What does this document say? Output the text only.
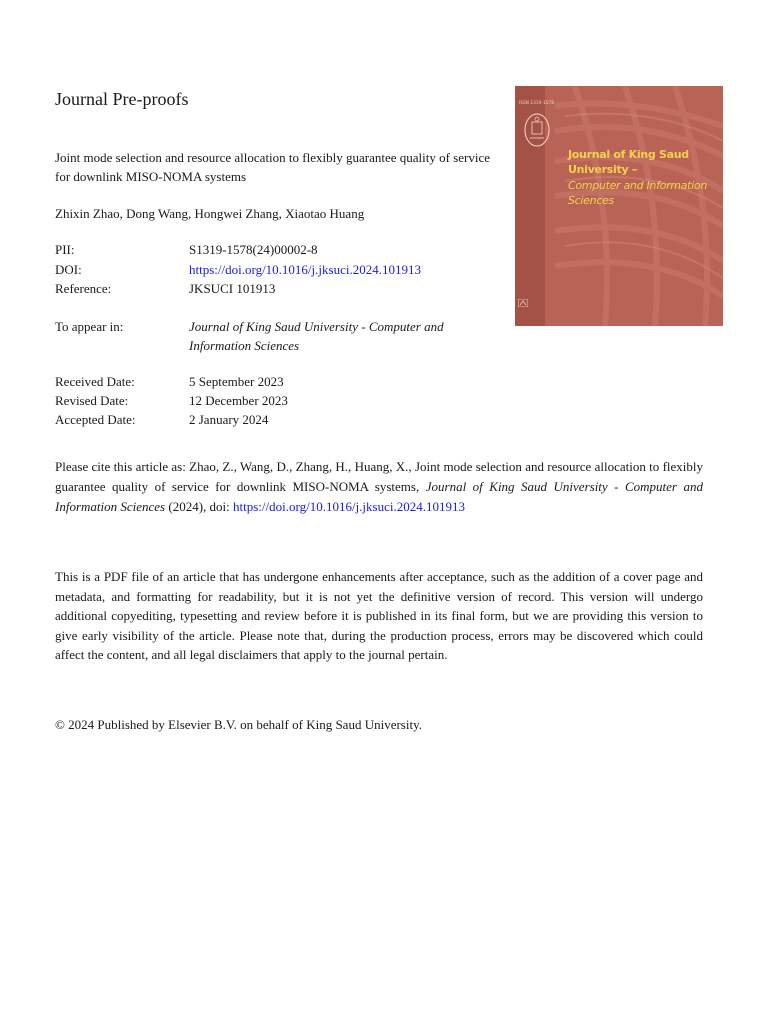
Journal Pre-proofs
Joint mode selection and resource allocation to flexibly guarantee quality of service for downlink MISO-NOMA systems
Zhixin Zhao, Dong Wang, Hongwei Zhang, Xiaotao Huang
PII:	S1319-1578(24)00002-8
DOI:	https://doi.org/10.1016/j.jksuci.2024.101913
Reference:	JKSUCI 101913
To appear in:	Journal of King Saud University - Computer and Information Sciences
Received Date:	5 September 2023
Revised Date:	12 December 2023
Accepted Date:	2 January 2024
Please cite this article as: Zhao, Z., Wang, D., Zhang, H., Huang, X., Joint mode selection and resource allocation to flexibly guarantee quality of service for downlink MISO-NOMA systems, Journal of King Saud University - Computer and Information Sciences (2024), doi: https://doi.org/10.1016/j.jksuci.2024.101913
This is a PDF file of an article that has undergone enhancements after acceptance, such as the addition of a cover page and metadata, and formatting for readability, but it is not yet the definitive version of record. This version will undergo additional copyediting, typesetting and review before it is published in its final form, but we are providing this version to give early visibility of the article. Please note that, during the production process, errors may be discovered which could affect the content, and all legal disclaimers that apply to the journal pertain.
© 2024 Published by Elsevier B.V. on behalf of King Saud University.
ISSN 1319-1578
Journal of King Saud University –
Computer and Information Sciences
